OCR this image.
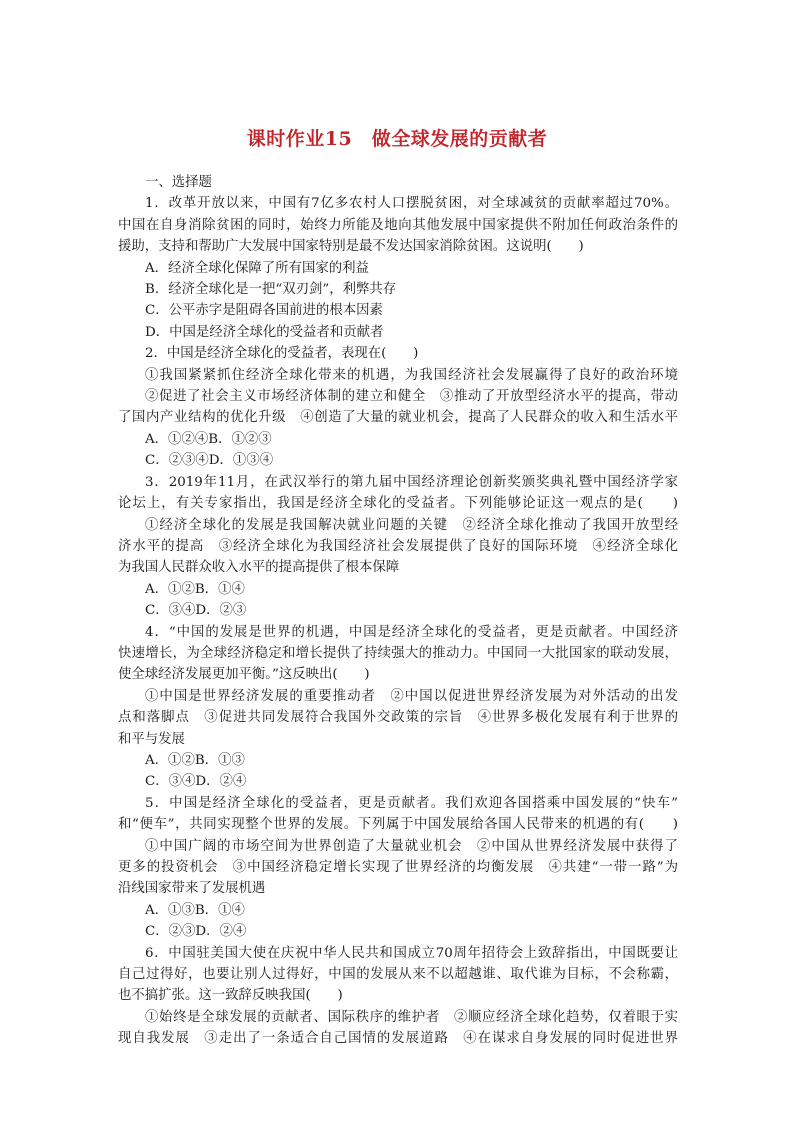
课时作业15　做全球发展的贡献者
一、选择题
1．改革开放以来，中国有7亿多农村人口摆脱贫困，对全球减贫的贡献率超过70%。
中国在自身消除贫困的同时，始终力所能及地向其他发展中国家提供不附加任何政治条件的
援助，支持和帮助广大发展中国家特别是最不发达国家消除贫困。这说明(　　)
A．经济全球化保障了所有国家的利益
B．经济全球化是一把“双刃剑”，利弊共存
C．公平赤字是阻碍各国前进的根本因素
D．中国是经济全球化的受益者和贡献者
2．中国是经济全球化的受益者，表现在(　　)
①我国紧紧抓住经济全球化带来的机遇，为我国经济社会发展赢得了良好的政治环境
②促进了社会主义市场经济体制的建立和健全　③推动了开放型经济水平的提高，带动
了国内产业结构的优化升级　④创造了大量的就业机会，提高了人民群众的收入和生活水平
A．①②④B．①②③
C．②③④D．①③④
3．2019年11月，在武汉举行的第九届中国经济理论创新奖颁奖典礼暨中国经济学家
论坛上，有关专家指出，我国是经济全球化的受益者。下列能够论证这一观点的是(　　)
①经济全球化的发展是我国解决就业问题的关键　②经济全球化推动了我国开放型经
济水平的提高　③经济全球化为我国经济社会发展提供了良好的国际环境　④经济全球化
为我国人民群众收入水平的提高提供了根本保障
A．①②B．①④
C．③④D．②③
4．“中国的发展是世界的机遇，中国是经济全球化的受益者，更是贡献者。中国经济
快速增长，为全球经济稳定和增长提供了持续强大的推动力。中国同一大批国家的联动发展，
使全球经济发展更加平衡。”这反映出(　　)
①中国是世界经济发展的重要推动者　②中国以促进世界经济发展为对外活动的出发
点和落脚点　③促进共同发展符合我国外交政策的宗旨　④世界多极化发展有利于世界的
和平与发展
A．①②B．①③
C．③④D．②④
5．中国是经济全球化的受益者，更是贡献者。我们欢迎各国搭乘中国发展的“快车”
和“便车”，共同实现整个世界的发展。下列属于中国发展给各国人民带来的机遇的有(　　)
①中国广阔的市场空间为世界创造了大量就业机会　②中国从世界经济发展中获得了
更多的投资机会　③中国经济稳定增长实现了世界经济的均衡发展　④共建“一带一路”为
沿线国家带来了发展机遇
A．①③B．①④
C．②③D．②④
6．中国驻美国大使在庆祝中华人民共和国成立70周年招待会上致辞指出，中国既要让
自己过得好，也要让别人过得好，中国的发展从来不以超越谁、取代谁为目标，不会称霸，
也不搞扩张。这一致辞反映我国(　　)
①始终是全球发展的贡献者、国际秩序的维护者　②顺应经济全球化趋势，仅着眼于实
现自我发展　③走出了一条适合自己国情的发展道路　④在谋求自身发展的同时促进世界
